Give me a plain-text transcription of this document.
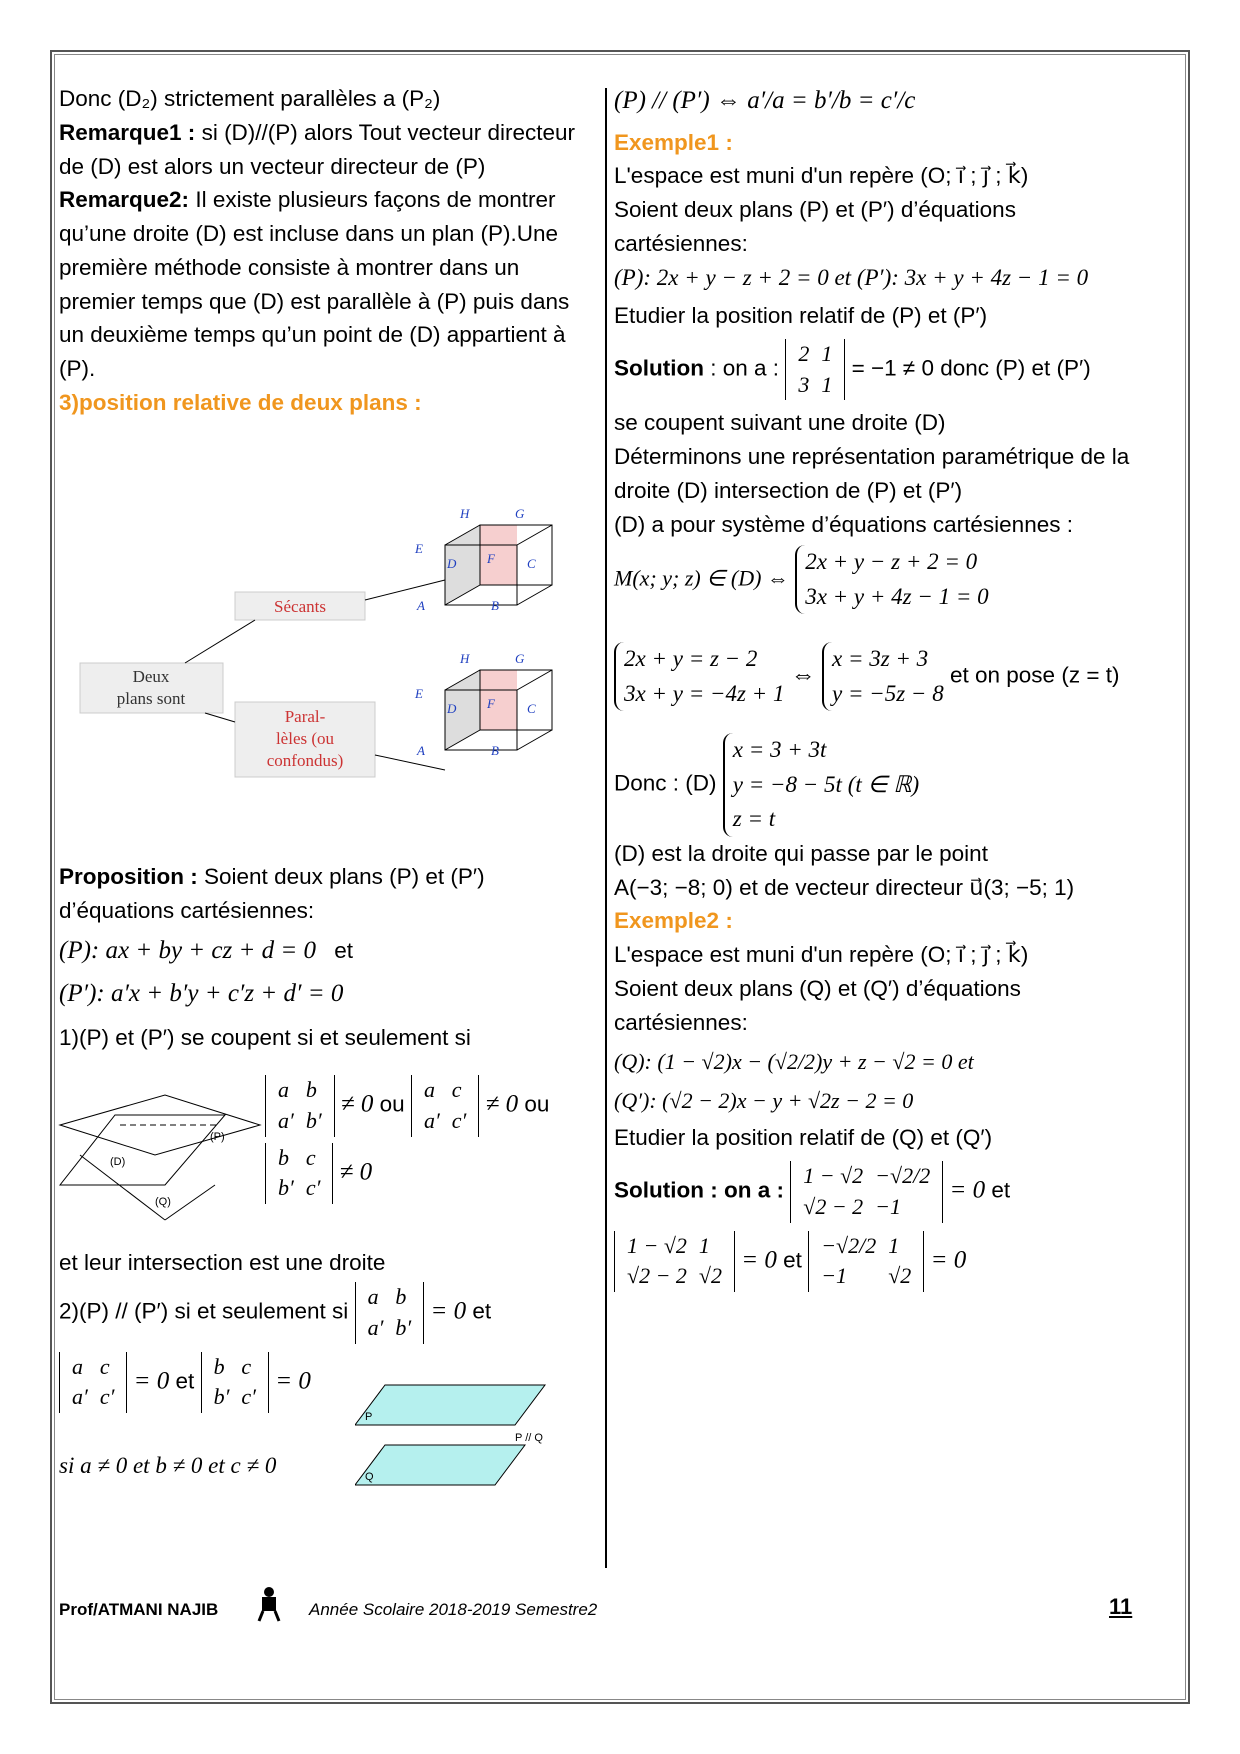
Donc (D₂) strictement parallèles a (P₂)
Remarque1 : si (D)//(P) alors Tout vecteur directeur de (D) est alors un vecteur directeur de (P)
Remarque2: Il existe plusieurs façons de montrer qu’une droite (D) est incluse dans un plan (P).Une première méthode consiste à montrer dans un premier temps que (D) est parallèle à (P) puis dans un deuxième temps qu’un point de (D) appartient à (P).
3)position relative de deux plans :
Deux
plans sont
Sécants
Paral-
lèles (ou
confondus)
H	G
E
D F C
A	B
H	G
E
D F C
A	B
Proposition : Soient deux plans (P) et (P′) d’équations cartésiennes:
(P): ax + by + cz + d = 0 et
(P′): a′x + b′y + c′z + d′ = 0
1)(P) et (P′) se coupent si et seulement si
(P)
(D)
(Q)
a	b
a′	b′
≠ 0 ou
a	c
a′	c′
≠ 0 ou
b	c
b′	c′
≠ 0
et leur intersection est une droite
2)(P) // (P′) si et seulement si
a	b
a′	b′
= 0 et
a	c
a′	c′
= 0 et
b	c
b′	c′
= 0
si a ≠ 0 et b ≠ 0 et c ≠ 0
P
Q
P // Q
(P) // (P′) ⇔ a′/a = b′/b = c′/c
Exemple1 :
L'espace est muni d'un repère (O; i⃗ ; j⃗ ; k⃗)
Soient deux plans (P) et (P′) d’équations cartésiennes:
(P): 2x + y − z + 2 = 0 et (P′): 3x + y + 4z − 1 = 0
Etudier la position relatif de (P) et (P′)
Solution : on a :
2	1
3	1
= −1 ≠ 0 donc (P) et (P′)
se coupent suivant une droite (D)
Déterminons une représentation paramétrique de la droite (D) intersection de (P) et (P′)
(D) a pour système d’équations cartésiennes :
M(x; y; z) ∈ (D) ⇔
2x + y − z + 2 = 0
3x + y + 4z − 1 = 0
2x + y = z − 2
3x + y = −4z + 1
⇔
x = 3z + 3
y = −5z − 8
et on pose (z = t)
Donc : (D)
x = 3 + 3t
y = −8 − 5t (t ∈ ℝ)
z = t
(D) est la droite qui passe par le point
A(−3; −8; 0) et de vecteur directeur u⃗(3; −5; 1)
Exemple2 :
L'espace est muni d'un repère (O; i⃗ ; j⃗ ; k⃗)
Soient deux plans (Q) et (Q′) d’équations cartésiennes:
(Q): (1 − √2)x − (√2/2)y + z − √2 = 0 et
(Q′): (√2 − 2)x − y + √2z − 2 = 0
Etudier la position relatif de (Q) et (Q′)
Solution : on a :
1 − √2	−√2/2
√2 − 2	−1
= 0 et
1 − √2	1
√2 − 2	√2
= 0 et
−√2/2	1
−1	√2
= 0
Prof/ATMANI NAJIB	Année Scolaire 2018-2019 Semestre2	11
